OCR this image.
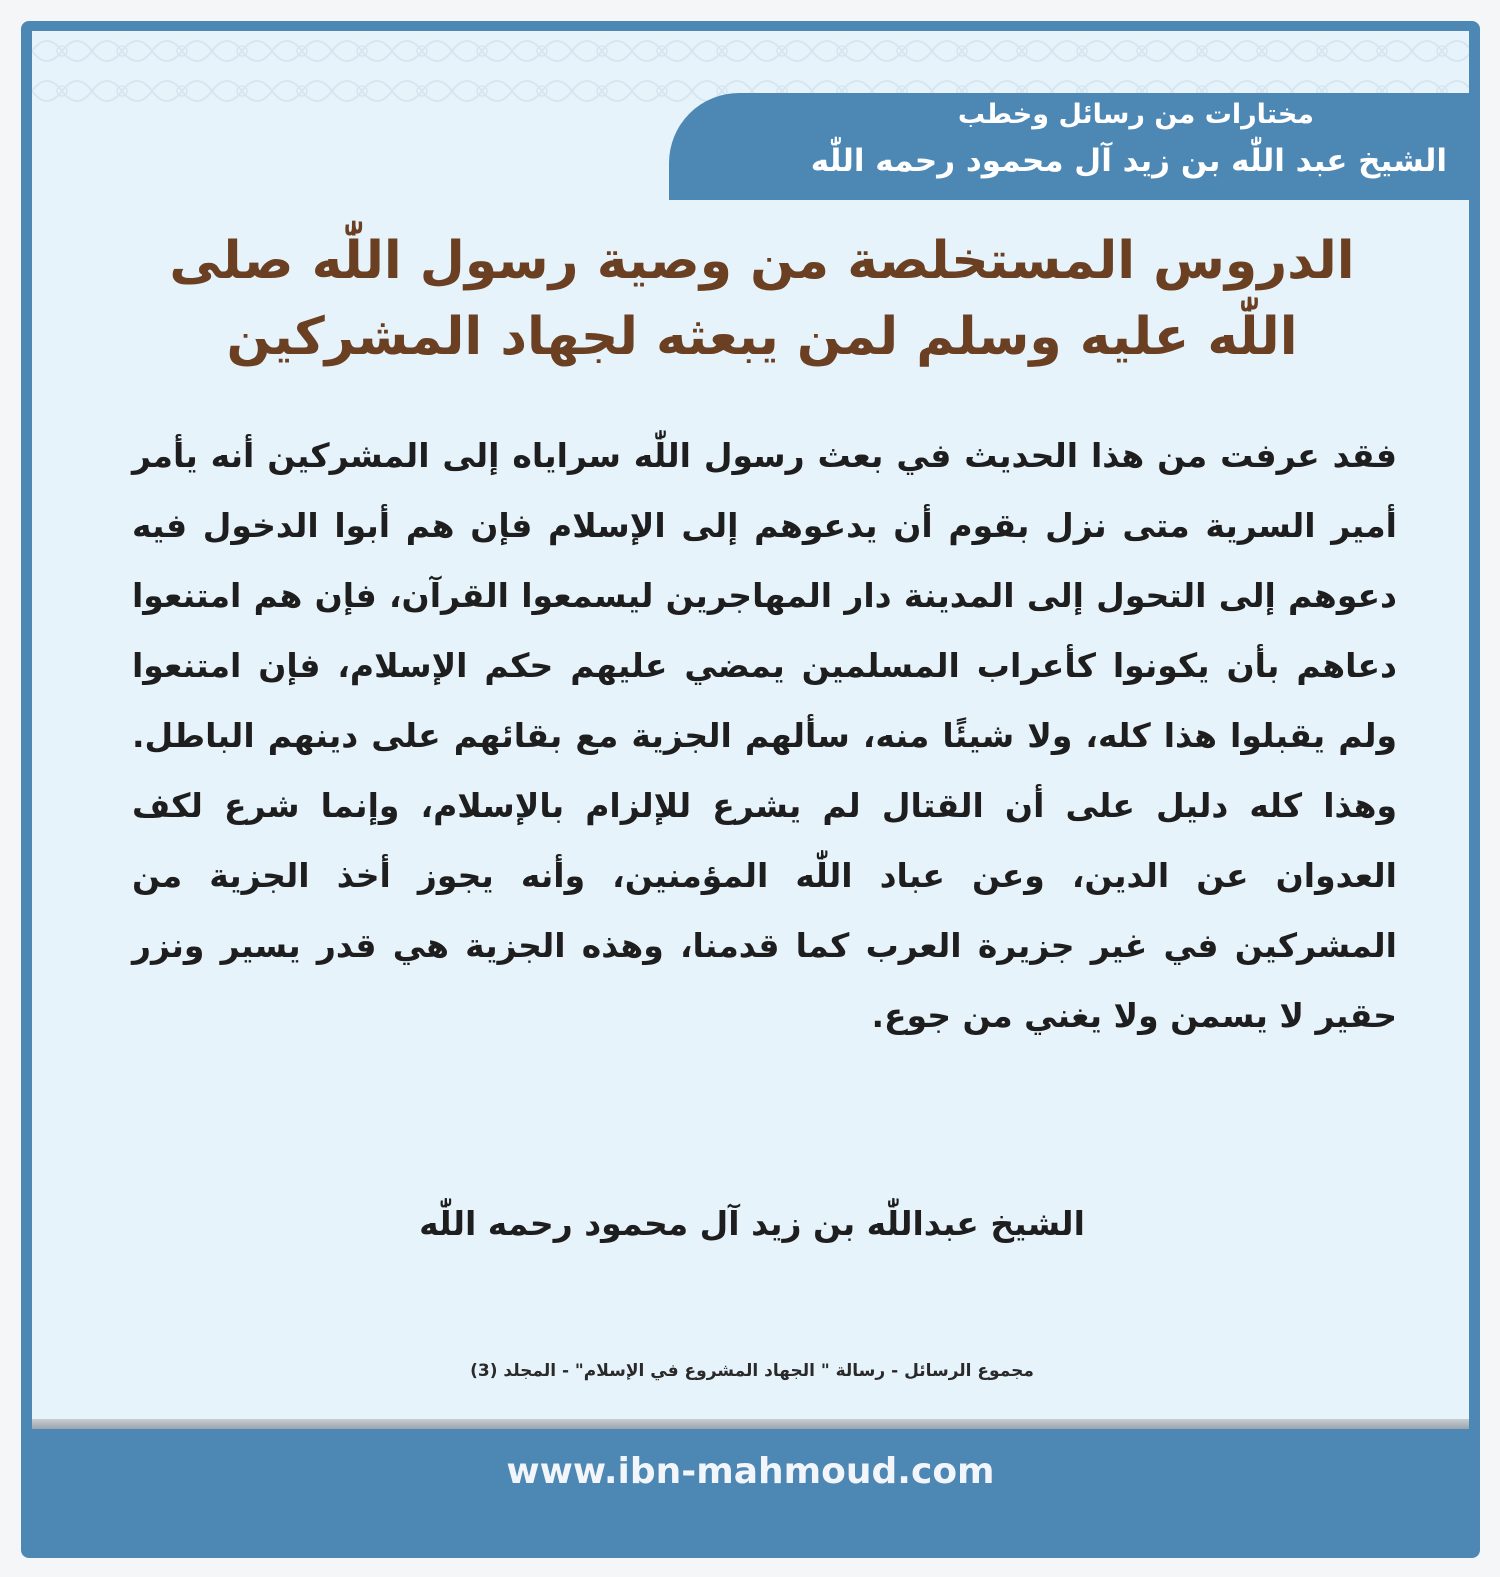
مختارات من رسائل وخطب
الشيخ عبد اللّٰه بن زيد آل محمود رحمه اللّٰه
الدروس المستخلصة من وصية رسول اللّٰه صلى اللّٰه عليه وسلم لمن يبعثه لجهاد المشركين
فقد عرفت من هذا الحديث في بعث رسول اللّٰه سراياه إلى المشركين أنه يأمر أمير السرية متى نزل بقوم أن يدعوهم إلى الإسلام فإن هم أبوا الدخول فيه دعوهم إلى التحول إلى المدينة دار المهاجرين ليسمعوا القرآن، فإن هم امتنعوا دعاهم بأن يكونوا كأعراب المسلمين يمضي عليهم حكم الإسلام، فإن امتنعوا ولم يقبلوا هذا كله، ولا شيئًا منه، سألهم الجزية مع بقائهم على دينهم الباطل. وهذا كله دليل على أن القتال لم يشرع للإلزام بالإسلام، وإنما شرع لكف العدوان عن الدين، وعن عباد اللّٰه المؤمنين، وأنه يجوز أخذ الجزية من المشركين في غير جزيرة العرب كما قدمنا، وهذه الجزية هي قدر يسير ونزر حقير لا يسمن ولا يغني من جوع.
الشيخ عبداللّٰه بن زيد آل محمود رحمه اللّٰه
مجموع الرسائل - رسالة " الجهاد المشروع في الإسلام" - المجلد (3)
www.ibn-mahmoud.com
